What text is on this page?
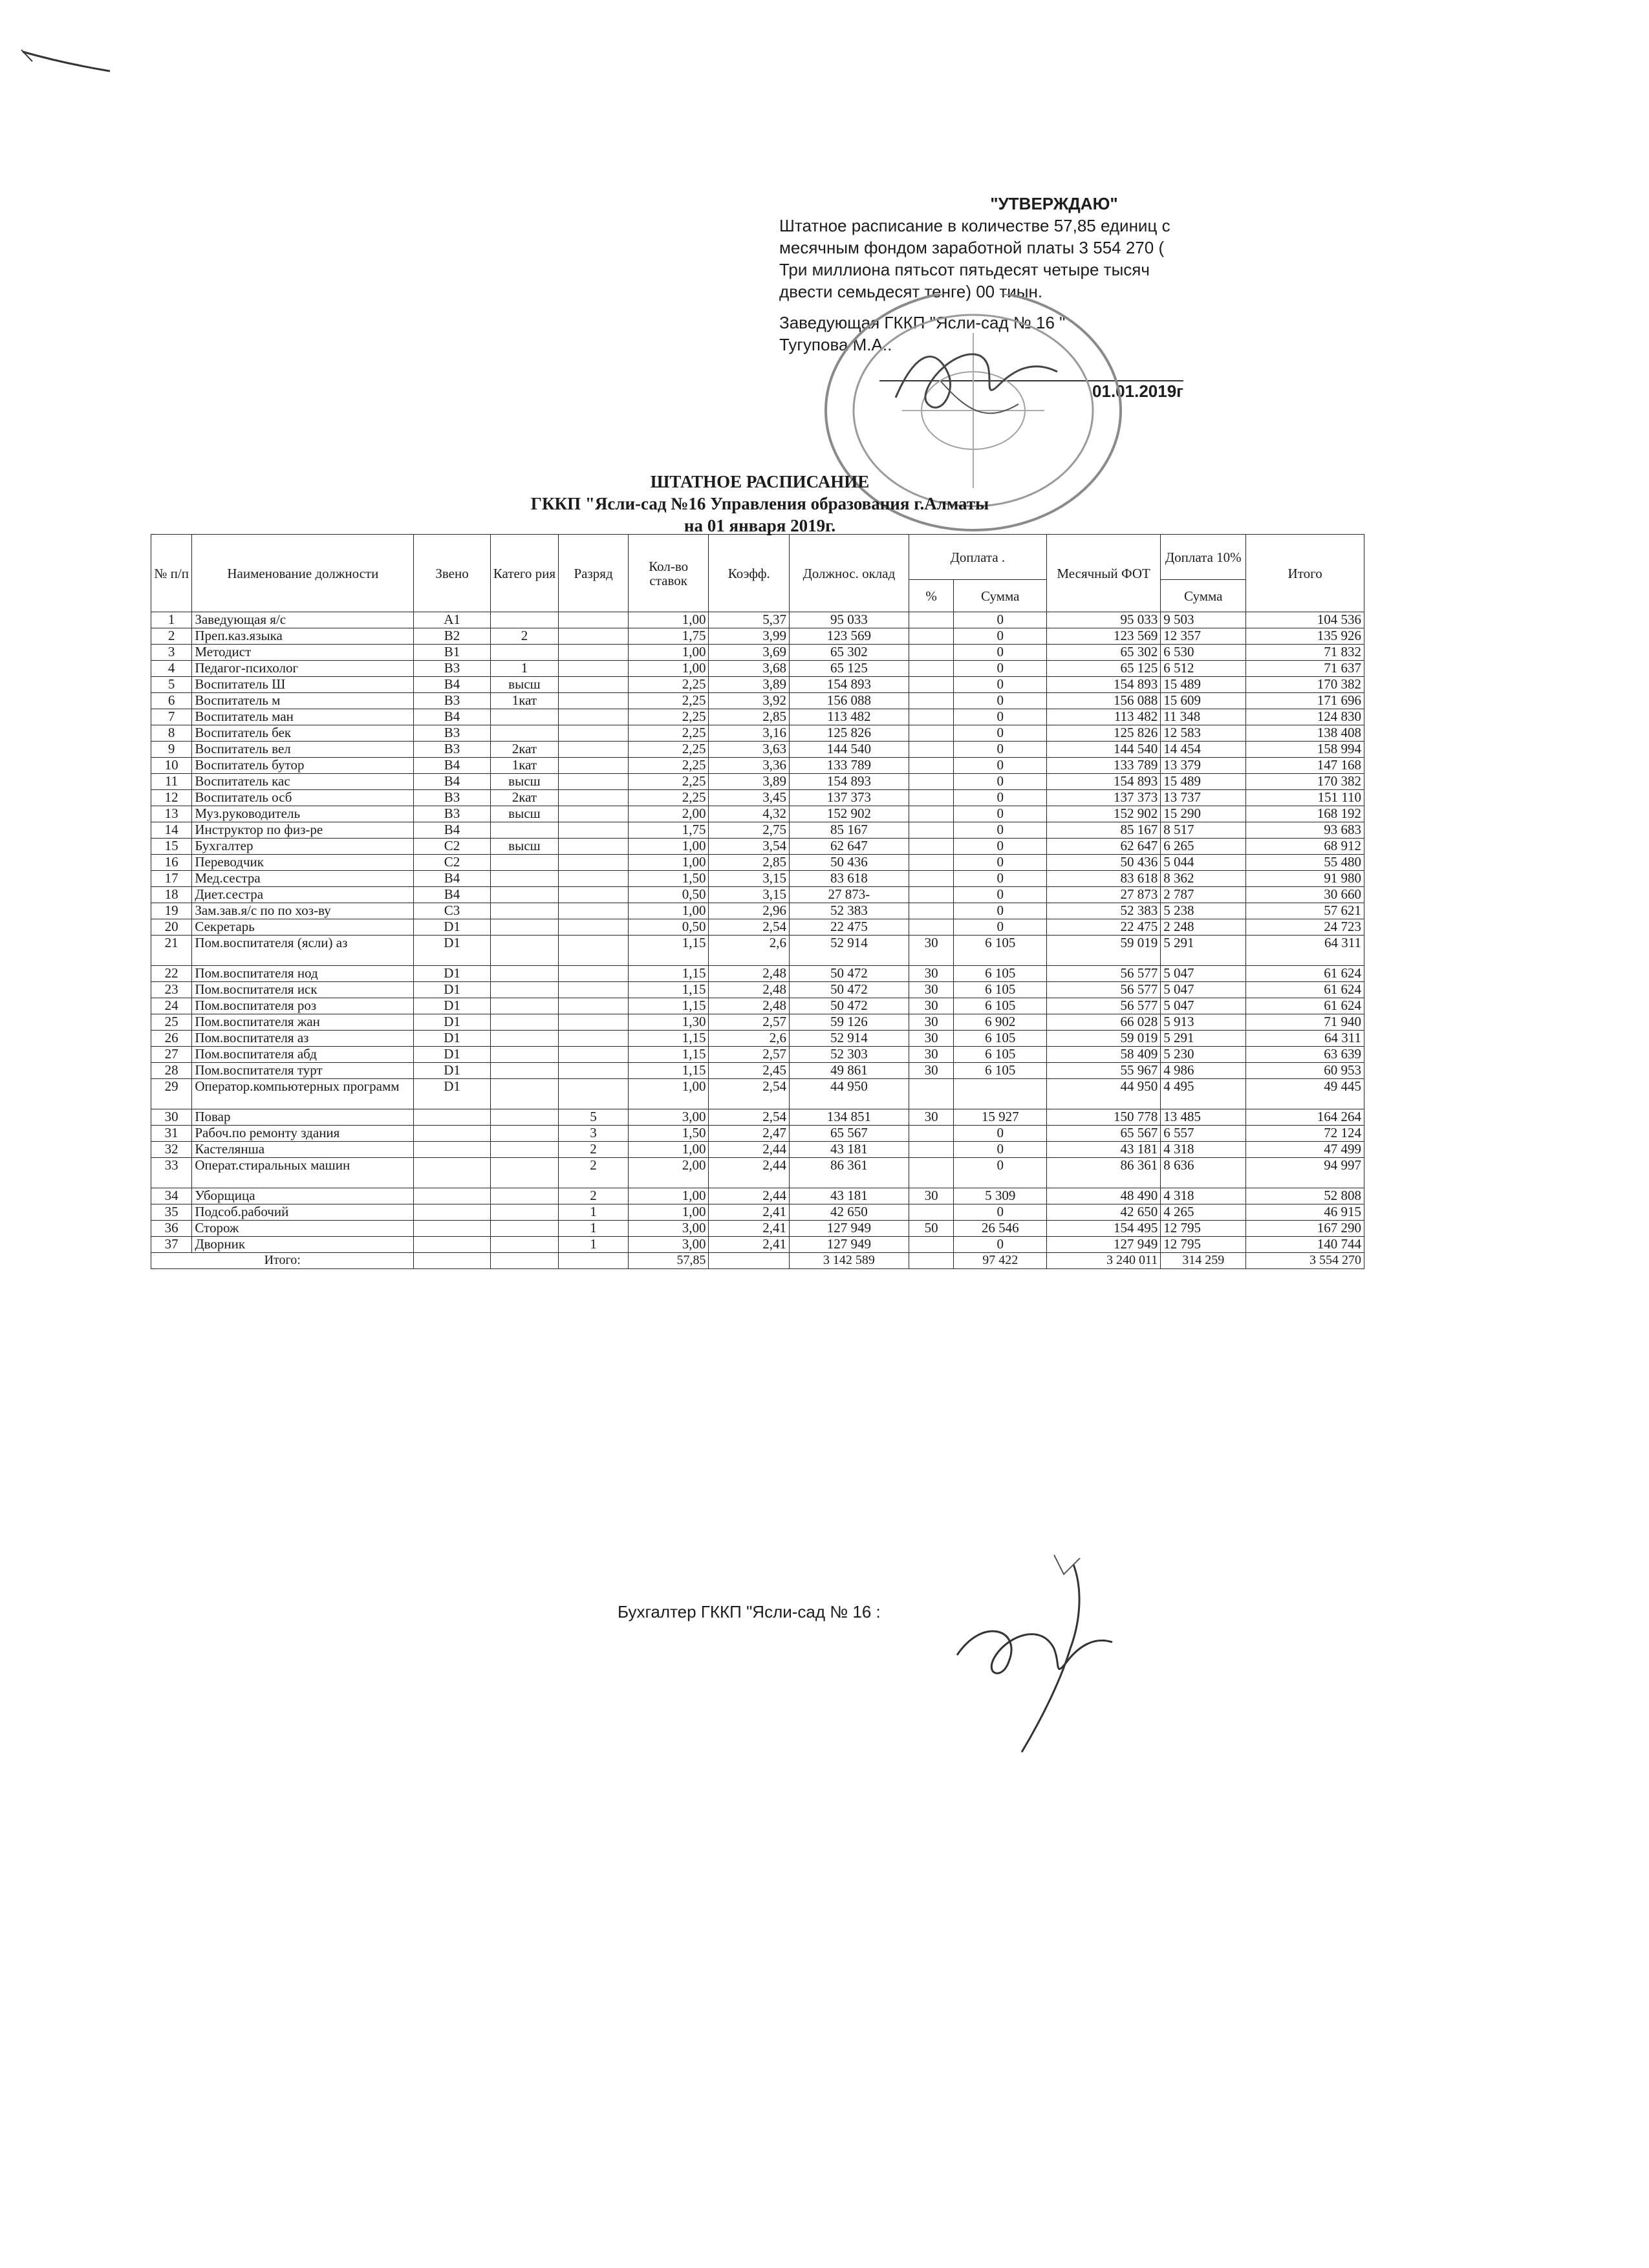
"УТВЕРЖДАЮ"

Штатное расписание в количестве 57,85 единиц с

месячным фондом заработной платы 3 554 270 (

Три миллиона пятьсот пятьдесят четыре тысяч

двести семьдесят тенге) 00 тиын.

Заведующая ГККП "Ясли-сад № 16 "

Тугупова М.А..

01.01.2019г

ШТАТНОЕ РАСПИСАНИЕ
ГККП "Ясли-сад №16 Управления образования г.Алматы
на 01 января 2019г.
№ п/п	Наименование должности	Звено	Катего рия	Разряд	Кол-во ставок	Коэфф.	Должнос. оклад	Доплата .		Месячный ФОТ	Доплата 10%	Итого
								%	Сумма		Сумма	
1	Заведующая я/с	А1			1,00	5,37	95 033		0	95 033	9 503	104 536
2	Преп.каз.языка	В2	2		1,75	3,99	123 569		0	123 569	12 357	135 926
3	Методист	В1			1,00	3,69	65 302		0	65 302	6 530	71 832
4	Педагог-психолог	В3	1		1,00	3,68	65 125		0	65 125	6 512	71 637
5	Воспитатель Ш	В4	высш		2,25	3,89	154 893		0	154 893	15 489	170 382
6	Воспитатель м	В3	1кат		2,25	3,92	156 088		0	156 088	15 609	171 696
7	Воспитатель ман	В4			2,25	2,85	113 482		0	113 482	11 348	124 830
8	Воспитатель бек	В3			2,25	3,16	125 826		0	125 826	12 583	138 408
9	Воспитатель вел	В3	2кат		2,25	3,63	144 540		0	144 540	14 454	158 994
10	Воспитатель бутор	В4	1кат		2,25	3,36	133 789		0	133 789	13 379	147 168
11	Воспитатель кас	В4	высш		2,25	3,89	154 893		0	154 893	15 489	170 382
12	Воспитатель осб	В3	2кат		2,25	3,45	137 373		0	137 373	13 737	151 110
13	Муз.руководитель	В3	высш		2,00	4,32	152 902		0	152 902	15 290	168 192
14	Инструктор по физ-ре	В4			1,75	2,75	85 167		0	85 167	8 517	93 683
15	Бухгалтер	С2	высш		1,00	3,54	62 647		0	62 647	6 265	68 912
16	Переводчик	С2			1,00	2,85	50 436		0	50 436	5 044	55 480
17	Мед.сестра	В4			1,50	3,15	83 618		0	83 618	8 362	91 980
18	Диет.сестра	В4			0,50	3,15	27 873-		0	27 873	2 787	30 660
19	Зам.зав.я/с по по хоз-ву	С3			1,00	2,96	52 383		0	52 383	5 238	57 621
20	Секретарь	D1			0,50	2,54	22 475		0	22 475	2 248	24 723
21	Пом.воспитателя (ясли) аз	D1			1,15	2,6	52 914	30	6 105	59 019	5 291	64 311
22	Пом.воспитателя нод	D1			1,15	2,48	50 472	30	6 105	56 577	5 047	61 624
23	Пом.воспитателя иск	D1			1,15	2,48	50 472	30	6 105	56 577	5 047	61 624
24	Пом.воспитателя роз	D1			1,15	2,48	50 472	30	6 105	56 577	5 047	61 624
25	Пом.воспитателя жан	D1			1,30	2,57	59 126	30	6 902	66 028	5 913	71 940
26	Пом.воспитателя аз	D1			1,15	2,6	52 914	30	6 105	59 019	5 291	64 311
27	Пом.воспитателя абд	D1			1,15	2,57	52 303	30	6 105	58 409	5 230	63 639
28	Пом.воспитателя турт	D1			1,15	2,45	49 861	30	6 105	55 967	4 986	60 953
29	Оператор.компьютерных программ	D1			1,00	2,54	44 950			44 950	4 495	49 445
30	Повар			5	3,00	2,54	134 851	30	15 927	150 778	13 485	164 264
31	Рабоч.по ремонту здания			3	1,50	2,47	65 567		0	65 567	6 557	72 124
32	Кастелянша			2	1,00	2,44	43 181		0	43 181	4 318	47 499
33	Операт.стиральных машин			2	2,00	2,44	86 361		0	86 361	8 636	94 997
34	Уборщица			2	1,00	2,44	43 181	30	5 309	48 490	4 318	52 808
35	Подсоб.рабочий			1	1,00	2,41	42 650		0	42 650	4 265	46 915
36	Сторож			1	3,00	2,41	127 949	50	26 546	154 495	12 795	167 290
37	Дворник			1	3,00	2,41	127 949		0	127 949	12 795	140 744
Итого:					57,85		3 142 589		97 422	3 240 011	314 259	3 554 270
Бухгалтер ГККП "Ясли-сад № 16 :
